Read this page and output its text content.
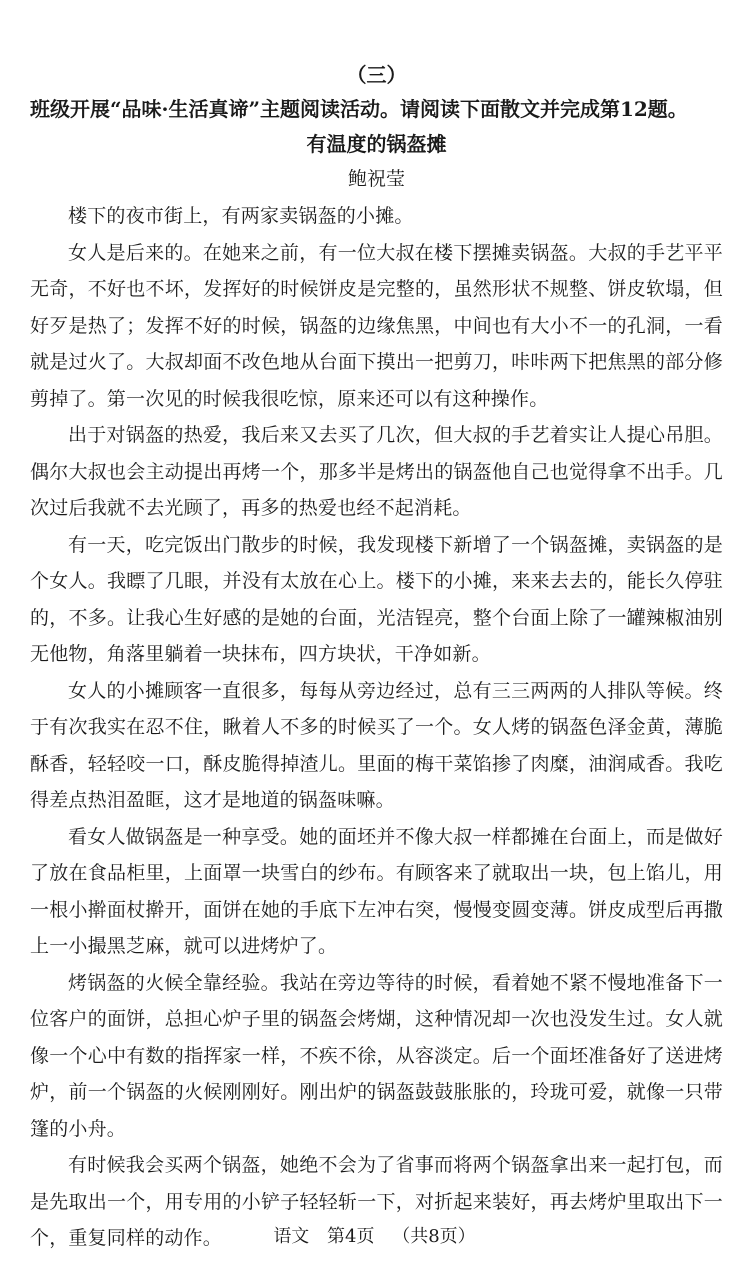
（三）
班级开展“品味·生活真谛”主题阅读活动。请阅读下面散文并完成第12题。
有温度的锅盔摊
鲍祝莹

楼下的夜市街上，有两家卖锅盔的小摊。

女人是后来的。在她来之前，有一位大叔在楼下摆摊卖锅盔。大叔的手艺平平无奇，不好也不坏，发挥好的时候饼皮是完整的，虽然形状不规整、饼皮软塌，但好歹是热了；发挥不好的时候，锅盔的边缘焦黑，中间也有大小不一的孔洞，一看就是过火了。大叔却面不改色地从台面下摸出一把剪刀，咔咔两下把焦黑的部分修剪掉了。第一次见的时候我很吃惊，原来还可以有这种操作。

出于对锅盔的热爱，我后来又去买了几次，但大叔的手艺着实让人提心吊胆。偶尔大叔也会主动提出再烤一个，那多半是烤出的锅盔他自己也觉得拿不出手。几次过后我就不去光顾了，再多的热爱也经不起消耗。

有一天，吃完饭出门散步的时候，我发现楼下新增了一个锅盔摊，卖锅盔的是个女人。我瞟了几眼，并没有太放在心上。楼下的小摊，来来去去的，能长久停驻的，不多。让我心生好感的是她的台面，光洁锃亮，整个台面上除了一罐辣椒油别无他物，角落里躺着一块抹布，四方块状，干净如新。

女人的小摊顾客一直很多，每每从旁边经过，总有三三两两的人排队等候。终于有次我实在忍不住，瞅着人不多的时候买了一个。女人烤的锅盔色泽金黄，薄脆酥香，轻轻咬一口，酥皮脆得掉渣儿。里面的梅干菜馅掺了肉糜，油润咸香。我吃得差点热泪盈眶，这才是地道的锅盔味嘛。

看女人做锅盔是一种享受。她的面坯并不像大叔一样都摊在台面上，而是做好了放在食品柜里，上面罩一块雪白的纱布。有顾客来了就取出一块，包上馅儿，用一根小擀面杖擀开，面饼在她的手底下左冲右突，慢慢变圆变薄。饼皮成型后再撒上一小撮黑芝麻，就可以进烤炉了。

烤锅盔的火候全靠经验。我站在旁边等待的时候，看着她不紧不慢地准备下一位客户的面饼，总担心炉子里的锅盔会烤煳，这种情况却一次也没发生过。女人就像一个心中有数的指挥家一样，不疾不徐，从容淡定。后一个面坯准备好了送进烤炉，前一个锅盔的火候刚刚好。刚出炉的锅盔鼓鼓胀胀的，玲珑可爱，就像一只带篷的小舟。

有时候我会买两个锅盔，她绝不会为了省事而将两个锅盔拿出来一起打包，而是先取出一个，用专用的小铲子轻轻斩一下，对折起来装好，再去烤炉里取出下一个，重复同样的动作。	语文 第4页 （共8页）
